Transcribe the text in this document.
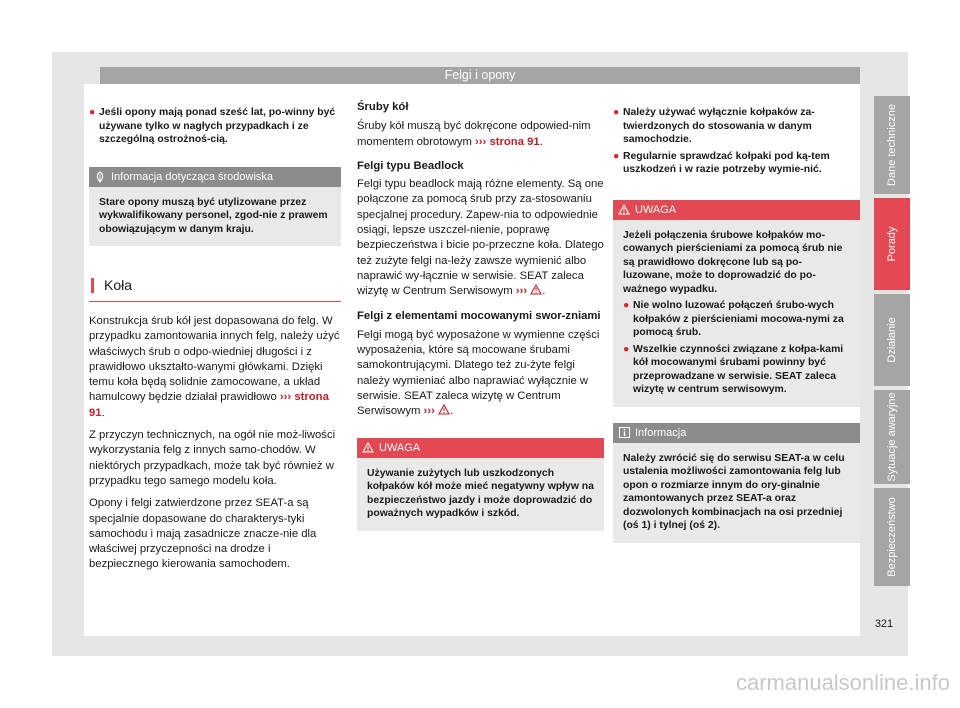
Felgi i opony
● Jeśli opony mają ponad sześć lat, po-winny być używane tylko w nagłych przypadkach i ze szczególną ostrożnoś-cią.
Informacja dotycząca środowiska

Stare opony muszą być utylizowane przez wykwalifikowany personel, zgod-nie z prawem obowiązującym w danym kraju.

Koła

Konstrukcja śrub kół jest dopasowana do felg. W przypadku zamontowania innych felg, należy użyć właściwych śrub o odpo-wiedniej długości i z prawidłowo ukształto-wanymi główkami. Dzięki temu koła będą solidnie zamocowane, a układ hamulcowy będzie działał prawidłowo ››› strona 91.

Z przyczyn technicznych, na ogół nie moż-liwości wykorzystania felg z innych samo-chodów. W niektórych przypadkach, może tak być również w przypadku tego samego modelu koła.

Opony i felgi zatwierdzone przez SEAT-a są specjalnie dopasowane do charakterys-tyki samochodu i mają zasadnicze znacze-nie dla właściwej przyczepności na drodze i bezpiecznego kierowania samochodem.

Śruby kół

Śruby kół muszą być dokręcone odpowied-nim momentem obrotowym ››› strona 91.

Felgi typu Beadlock

Felgi typu beadlock mają różne elementy. Są one połączone za pomocą śrub przy za-stosowaniu specjalnej procedury. Zapew-nia to odpowiednie osiągi, lepsze uszczel-nienie, poprawę bezpieczeństwa i bicie po-przeczne koła. Dlatego też zużyte felgi na-leży zawsze wymienić albo naprawić wy-łącznie w serwisie. SEAT zaleca wizytę w Centrum Serwisowym ››› .

Felgi z elementami mocowanymi swor-zniami

Felgi mogą być wyposażone w wymienne części wyposażenia, które są mocowane śrubami samokontrującymi. Dlatego też zu-żyte felgi należy wymieniać albo naprawiać wyłącznie w serwisie. SEAT zaleca wizytę w Centrum Serwisowym ››› .

UWAGA

Używanie zużytych lub uszkodzonych kołpaków kół może mieć negatywny wpływ na bezpieczeństwo jazdy i może doprowadzić do poważnych wypadków i szkód.

● Należy używać wyłącznie kołpaków za-twierdzonych do stosowania w danym samochodzie.
● Regularnie sprawdzać kołpaki pod ką-tem uszkodzeń i w razie potrzeby wymie-nić.
UWAGA

Jeżeli połączenia śrubowe kołpaków mo-cowanych pierścieniami za pomocą śrub nie są prawidłowo dokręcone lub są po-luzowane, może to doprowadzić do po-ważnego wypadku.

● Nie wolno luzować połączeń śrubo-wych kołpaków z pierścieniami mocowa-nymi za pomocą śrub.
● Wszelkie czynności związane z kołpa-kami kół mocowanymi śrubami powinny być przeprowadzane w serwisie. SEAT zaleca wizytę w centrum serwisowym.
Informacja

Należy zwrócić się do serwisu SEAT-a w celu ustalenia możliwości zamontowania felg lub opon o rozmiarze innym do ory-ginalnie zamontowanych przez SEAT-a oraz dozwolonych kombinacjach na osi przedniej (oś 1) i tylnej (oś 2).

Dane techniczne
Porady
Działanie
Sytuacje awaryjne
Bezpieczeństwo
321
carmanualsonline.info
